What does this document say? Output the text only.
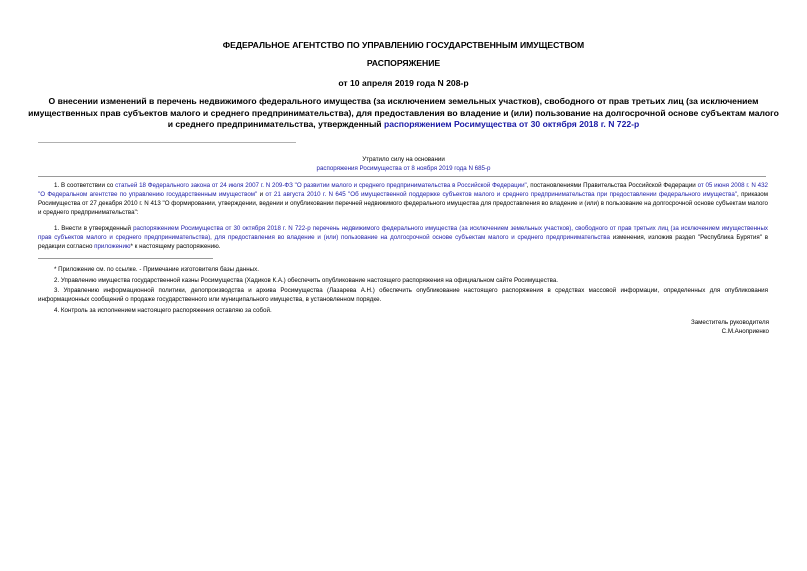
ФЕДЕРАЛЬНОЕ АГЕНТСТВО ПО УПРАВЛЕНИЮ ГОСУДАРСТВЕННЫМ ИМУЩЕСТВОМ
РАСПОРЯЖЕНИЕ
от 10 апреля 2019 года N 208-р
О внесении изменений в перечень недвижимого федерального имущества (за исключением земельных участков), свободного от прав третьих лиц (за исключением имущественных прав субъектов малого и среднего предпринимательства), для предоставления во владение и (или) пользование на долгосрочной основе субъектам малого и среднего предпринимательства, утвержденный распоряжением Росимущества от 30 октября 2018 г. N 722-р
Утратило силу на основании
распоряжения Росимущества от 8 ноября 2019 года N 685-р

1. В соответствии со статьей 18 Федерального закона от 24 июля 2007 г. N 209-ФЗ "О развитии малого и среднего предпринимательства в Российской Федерации", постановлениями Правительства Российской Федерации от 05 июня 2008 г. N 432 "О Федеральном агентстве по управлению государственным имуществом" и от 21 августа 2010 г. N 645 "Об имущественной поддержке субъектов малого и среднего предпринимательства при предоставлении федерального имущества", приказом Росимущества от 27 декабря 2010 г. N 413 "О формировании, утверждении, ведении и опубликовании перечней недвижимого федерального имущества для предоставления во владение и (или) в пользование на долгосрочной основе субъектам малого и среднего предпринимательства":

1. Внести в утвержденный распоряжением Росимущества от 30 октября 2018 г. N 722-р перечень недвижимого федерального имущества (за исключением земельных участков), свободного от прав третьих лиц (за исключением имущественных прав субъектов малого и среднего предпринимательства), для предоставления во владение и (или) пользование на долгосрочной основе субъектам малого и среднего предпринимательства изменения, изложив раздел "Республика Бурятия" в редакции согласно приложению* к настоящему распоряжению.

* Приложение см. по ссылке. - Примечание изготовителя базы данных.

2. Управлению имущества государственной казны Росимущества (Хадиков К.А.) обеспечить опубликование настоящего распоряжения на официальном сайте Росимущества.

3. Управлению информационной политики, делопроизводства и архива Росимущества (Лазарева А.Н.) обеспечить опубликование настоящего распоряжения в средствах массовой информации, определенных для опубликования информационных сообщений о продаже государственного или муниципального имущества, в установленном порядке.

4. Контроль за исполнением настоящего распоряжения оставляю за собой.

Заместитель руководителя
С.М.Аноприенко
